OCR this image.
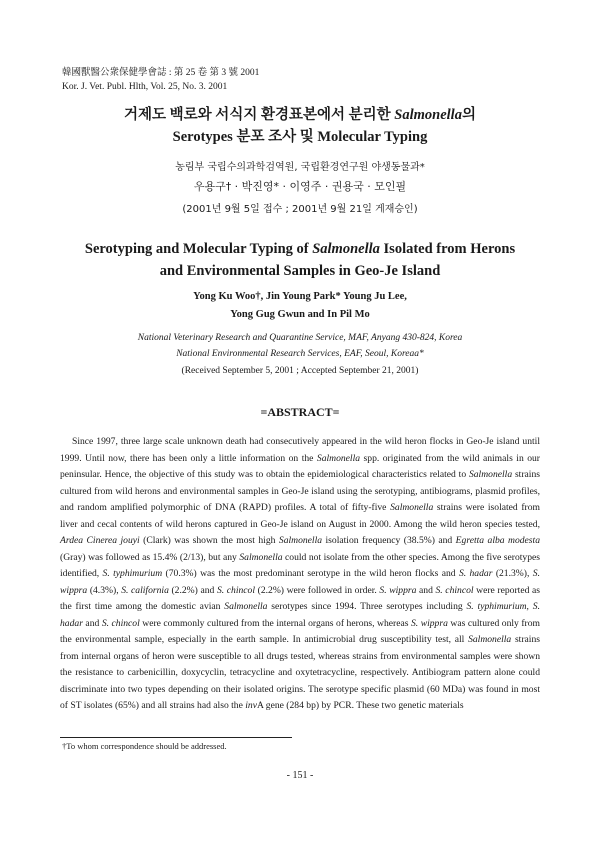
韓國獸醫公衆保健學會誌 : 第 25 卷 第 3 號 2001
Kor. J. Vet. Publ. Hlth, Vol. 25, No. 3. 2001
거제도 백로와 서식지 환경표본에서 분리한 Salmonella의
Serotypes 분포 조사 및 Molecular Typing
농림부 국립수의과학검역원, 국립환경연구원 야생동물과*
우용구† · 박진영* · 이영주 · 권용국 · 모인필
(2001년 9월 5일 접수 ; 2001년 9월 21일 게재승인)
Serotyping and Molecular Typing of Salmonella Isolated from Herons
and Environmental Samples in Geo-Je Island
Yong Ku Woo†, Jin Young Park* Young Ju Lee,
Yong Gug Gwun and In Pil Mo
National Veterinary Research and Quarantine Service, MAF, Anyang 430-824, Korea
National Environmental Research Services, EAF, Seoul, Koreaa*
(Received September 5, 2001 ; Accepted September 21, 2001)
=ABSTRACT=

Since 1997, three large scale unknown death had consecutively appeared in the wild heron flocks in Geo-Je island until 1999. Until now, there has been only a little information on the Salmonella spp. originated from the wild animals in our peninsular. Hence, the objective of this study was to obtain the epidemiological characteristics related to Salmonella strains cultured from wild herons and environmental samples in Geo-Je island using the serotyping, antibiograms, plasmid profiles, and random amplified polymorphic of DNA (RAPD) profiles. A total of fifty-five Salmonella strains were isolated from liver and cecal contents of wild herons captured in Geo-Je island on August in 2000. Among the wild heron species tested, Ardea Cinerea jouyi (Clark) was shown the most high Salmonella isolation frequency (38.5%) and Egretta alba modesta (Gray) was followed as 15.4% (2/13), but any Salmonella could not isolate from the other species. Among the five serotypes identified, S. typhimurium (70.3%) was the most predominant serotype in the wild heron flocks and S. hadar (21.3%), S. wippra (4.3%), S. california (2.2%) and S. chincol (2.2%) were followed in order. S. wippra and S. chincol were reported as the first time among the domestic avian Salmonella serotypes since 1994. Three serotypes including S. typhimurium, S. hadar and S. chincol were commonly cultured from the internal organs of herons, whereas S. wippra was cultured only from the environmental sample, especially in the earth sample. In antimicrobial drug susceptibility test, all Salmonella strains from internal organs of heron were susceptible to all drugs tested, whereas strains from environmental samples were shown the resistance to carbenicillin, doxycyclin, tetracycline and oxytetracycline, respectively. Antibiogram pattern alone could discriminate into two types depending on their isolated origins. The serotype specific plasmid (60 MDa) was found in most of ST isolates (65%) and all strains had also the invA gene (284 bp) by PCR. These two genetic materials

†To whom correspondence should be addressed.
- 151 -
